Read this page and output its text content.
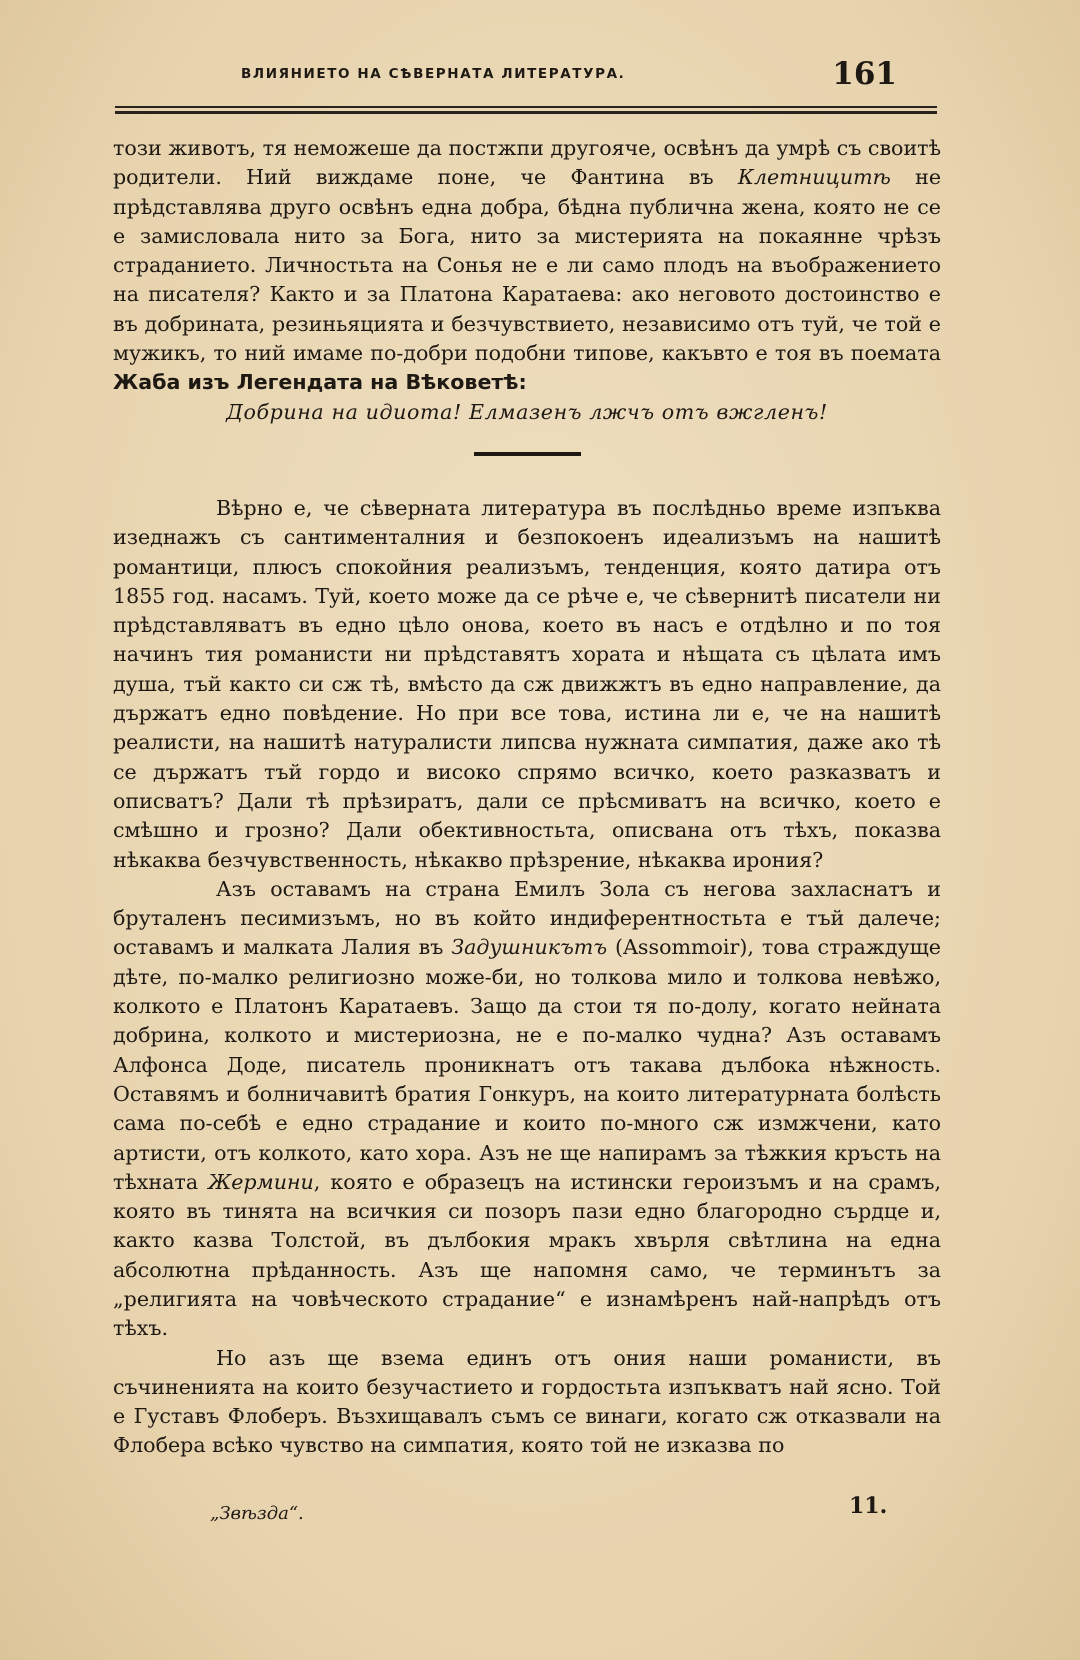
ВЛИЯНИЕТО НА СѢВЕРНАТА ЛИТЕРАТУРА.	161

този животъ, тя неможеше да постжпи другояче, освѣнъ да умрѣ съ своитѣ родители. Ний виждаме поне, че Фантина въ Клетницитѣ не прѣдставлява друго освѣнъ една добра, бѣдна публична жена, която не се е замисловала нито за Бога, нито за мистерията на покаянне чрѣзъ страданието. Личностьта на Сонья не е ли само плодъ на въображението на писателя? Както и за Платона Каратаева: ако неговото достоинство е въ добрината, резиньяцията и безчувствието, независимо отъ туй, че той е мужикъ, то ний имаме по-добри подобни типове, какъвто е тоя въ поемата Жаба изъ Легендата на Вѣковетѣ:

Добрина на идиота! Елмазенъ лжчъ отъ вжгленъ!

Вѣрно е, че сѣверната литература въ послѣдньо време изпъква изеднажъ съ сантименталния и безпокоенъ идеализъмъ на нашитѣ романтици, плюсъ спокойния реализъмъ, тенденция, която датира отъ 1855 год. насамъ. Туй, което може да се рѣче е, че сѣвернитѣ писатели ни прѣдставляватъ въ едно цѣло онова, което въ насъ е отдѣлно и по тоя начинъ тия романисти ни прѣдставятъ хората и нѣщата съ цѣлата имъ душа, тъй както си сж тѣ, вмѣсто да сж движжтъ въ едно направление, да държатъ едно повѣдение. Но при все това, истина ли е, че на нашитѣ реалисти, на нашитѣ натуралисти липсва нужната симпатия, даже ако тѣ се държатъ тъй гордо и високо спрямо всичко, което разказватъ и описватъ? Дали тѣ прѣзиратъ, дали се прѣсмиватъ на всичко, което е смѣшно и грозно? Дали обективностьта, описвана отъ тѣхъ, показва нѣкаква безчувственность, нѣкакво прѣзрение, нѣкаква ирония?

Азъ оставамъ на страна Емилъ Зола съ негова захласнатъ и бруталенъ песимизъмъ, но въ който индиферентностьта е тъй далече; оставамъ и малката Лалия въ Задушникътъ (Assommoir), това страждуще дѣте, по-малко религиозно може-би, но толкова мило и толкова невѣжо, колкото е Платонъ Каратаевъ. Защо да стои тя по-долу, когато нейната добрина, колкото и мистериозна, не е по-малко чудна? Азъ оставамъ Алфонса Доде, писатель проникнатъ отъ такава дълбока нѣжность. Оставямъ и болничавитѣ братия Гонкуръ, на които литературната болѣсть сама по-себѣ е едно страдание и които по-много сж измжчени, като артисти, отъ колкото, като хора. Азъ не ще напирамъ за тѣжкия кръсть на тѣхната Жермини, която е образецъ на истински героизъмъ и на срамъ, която въ тинята на всичкия си позоръ пази едно благородно сърдце и, както казва Толстой, въ дълбокия мракъ хвърля свѣтлина на една абсолютна прѣданность. Азъ ще напомня само, че терминътъ за „религията на човѣческото страдание“ е изнамѣренъ най-напрѣдъ отъ тѣхъ.

Но азъ ще взема единъ отъ ония наши романисти, въ съчиненията на които безучастието и гордостьта изпъкватъ най ясно. Той е Густавъ Флоберъ. Възхищавалъ съмъ се винаги, когато сж отказвали на Флобера всѣко чувство на симпатия, която той не изказва по

„Звѣзда“.	11.
